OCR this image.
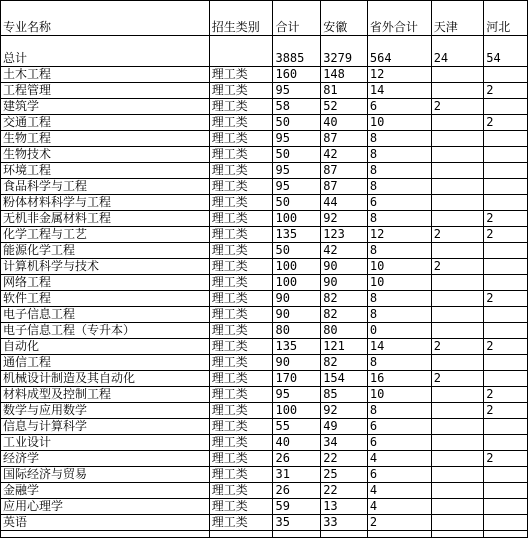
专业名称	招生类别	合计	安徽	省外合计	天津	河北
总计		3885	3279	564	24	54
土木工程	理工类	160	148	12		
工程管理	理工类	95	81	14		2
建筑学	理工类	58	52	6	2	
交通工程	理工类	50	40	10		2
生物工程	理工类	95	87	8		
生物技术	理工类	50	42	8		
环境工程	理工类	95	87	8		
食品科学与工程	理工类	95	87	8		
粉体材料科学与工程	理工类	50	44	6		
无机非金属材料工程	理工类	100	92	8		2
化学工程与工艺	理工类	135	123	12	2	2
能源化学工程	理工类	50	42	8		
计算机科学与技术	理工类	100	90	10	2	
网络工程	理工类	100	90	10		
软件工程	理工类	90	82	8		2
电子信息工程	理工类	90	82	8		
电子信息工程（专升本）	理工类	80	80	0		
自动化	理工类	135	121	14	2	2
通信工程	理工类	90	82	8		
机械设计制造及其自动化	理工类	170	154	16	2	
材料成型及控制工程	理工类	95	85	10		2
数学与应用数学	理工类	100	92	8		2
信息与计算科学	理工类	55	49	6		
工业设计	理工类	40	34	6		
经济学	理工类	26	22	4		2
国际经济与贸易	理工类	31	25	6		
金融学	理工类	26	22	4		
应用心理学	理工类	59	13	4		
英语	理工类	35	33	2		
